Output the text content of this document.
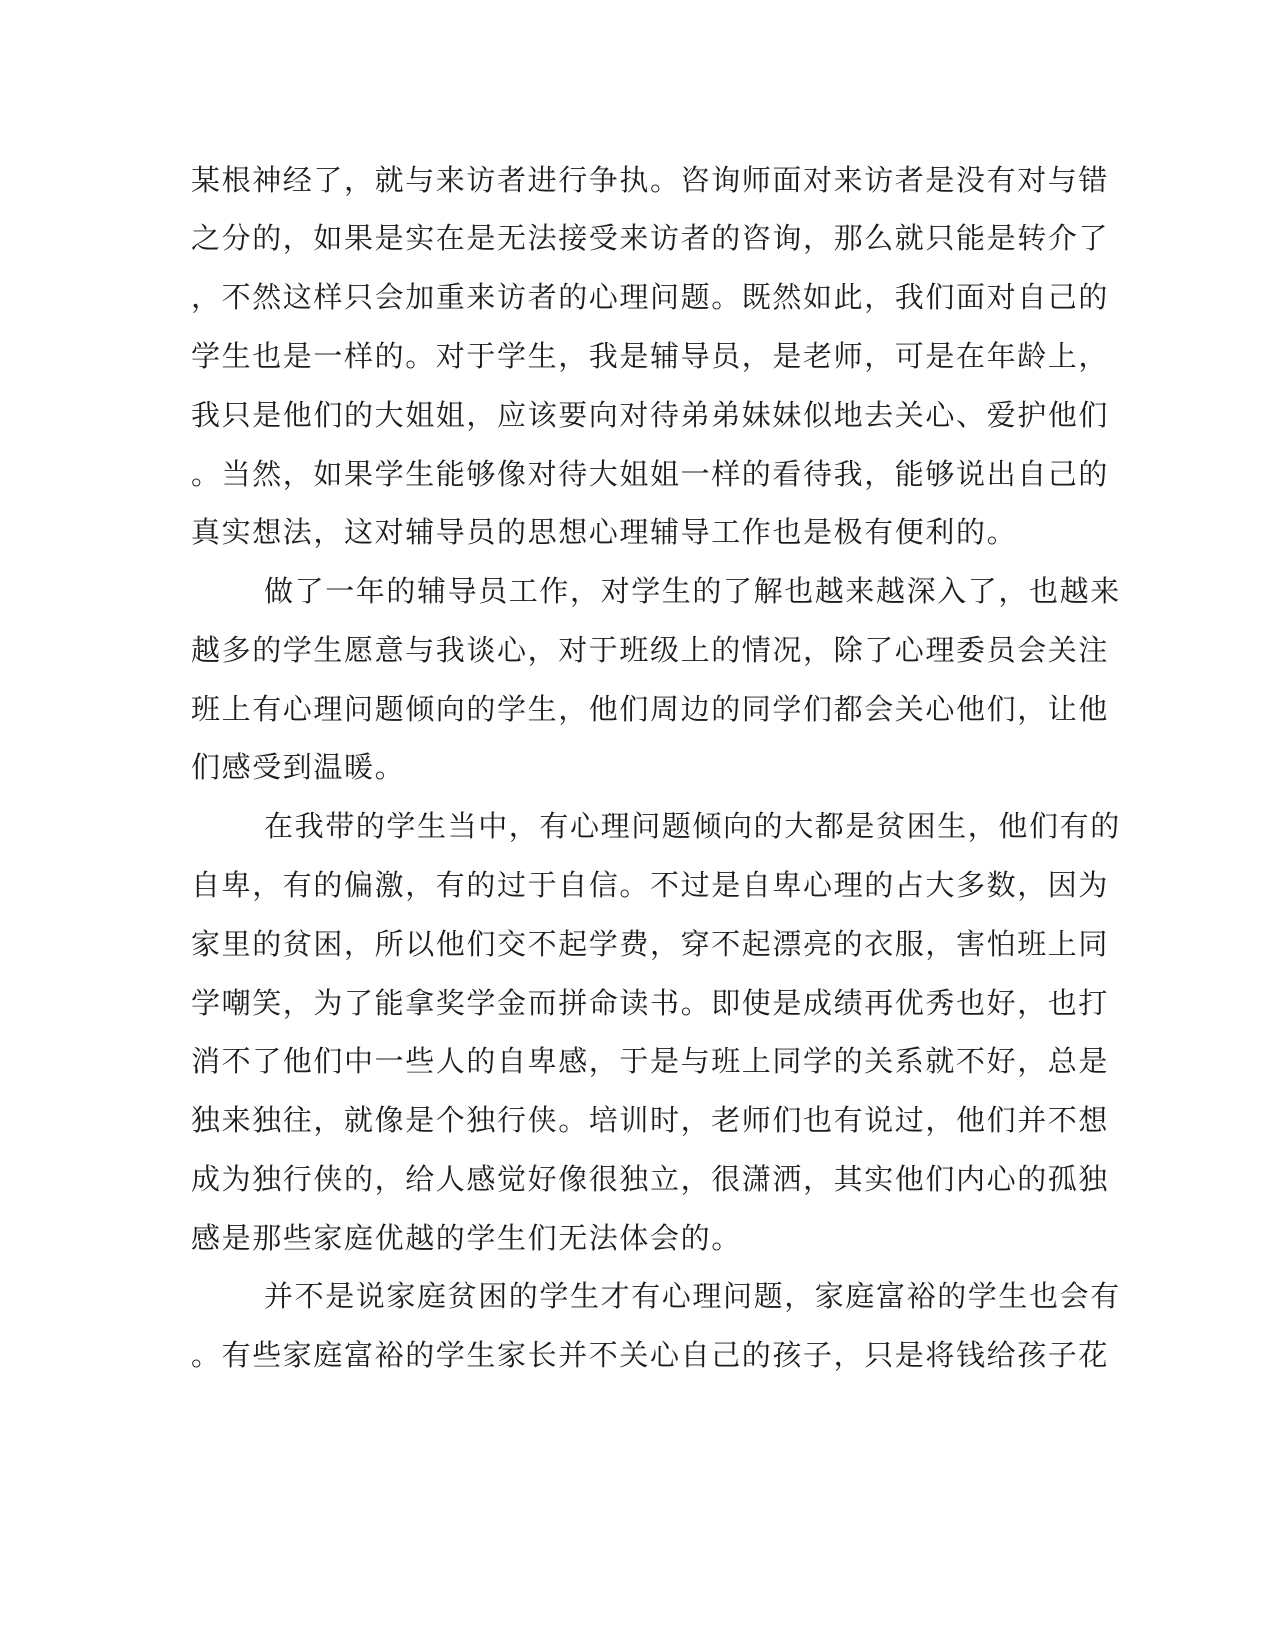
某根神经了，就与来访者进行争执。咨询师面对来访者是没有对与错
之分的，如果是实在是无法接受来访者的咨询，那么就只能是转介了
，不然这样只会加重来访者的心理问题。既然如此，我们面对自己的
学生也是一样的。对于学生，我是辅导员，是老师，可是在年龄上，
我只是他们的大姐姐，应该要向对待弟弟妹妹似地去关心、爱护他们
。当然，如果学生能够像对待大姐姐一样的看待我，能够说出自己的
真实想法，这对辅导员的思想心理辅导工作也是极有便利的。
做了一年的辅导员工作，对学生的了解也越来越深入了，也越来
越多的学生愿意与我谈心，对于班级上的情况，除了心理委员会关注
班上有心理问题倾向的学生，他们周边的同学们都会关心他们，让他
们感受到温暖。
在我带的学生当中，有心理问题倾向的大都是贫困生，他们有的
自卑，有的偏激，有的过于自信。不过是自卑心理的占大多数，因为
家里的贫困，所以他们交不起学费，穿不起漂亮的衣服，害怕班上同
学嘲笑，为了能拿奖学金而拼命读书。即使是成绩再优秀也好，也打
消不了他们中一些人的自卑感，于是与班上同学的关系就不好，总是
独来独往，就像是个独行侠。培训时，老师们也有说过，他们并不想
成为独行侠的，给人感觉好像很独立，很潇洒，其实他们内心的孤独
感是那些家庭优越的学生们无法体会的。
并不是说家庭贫困的学生才有心理问题，家庭富裕的学生也会有
。有些家庭富裕的学生家长并不关心自己的孩子，只是将钱给孩子花
